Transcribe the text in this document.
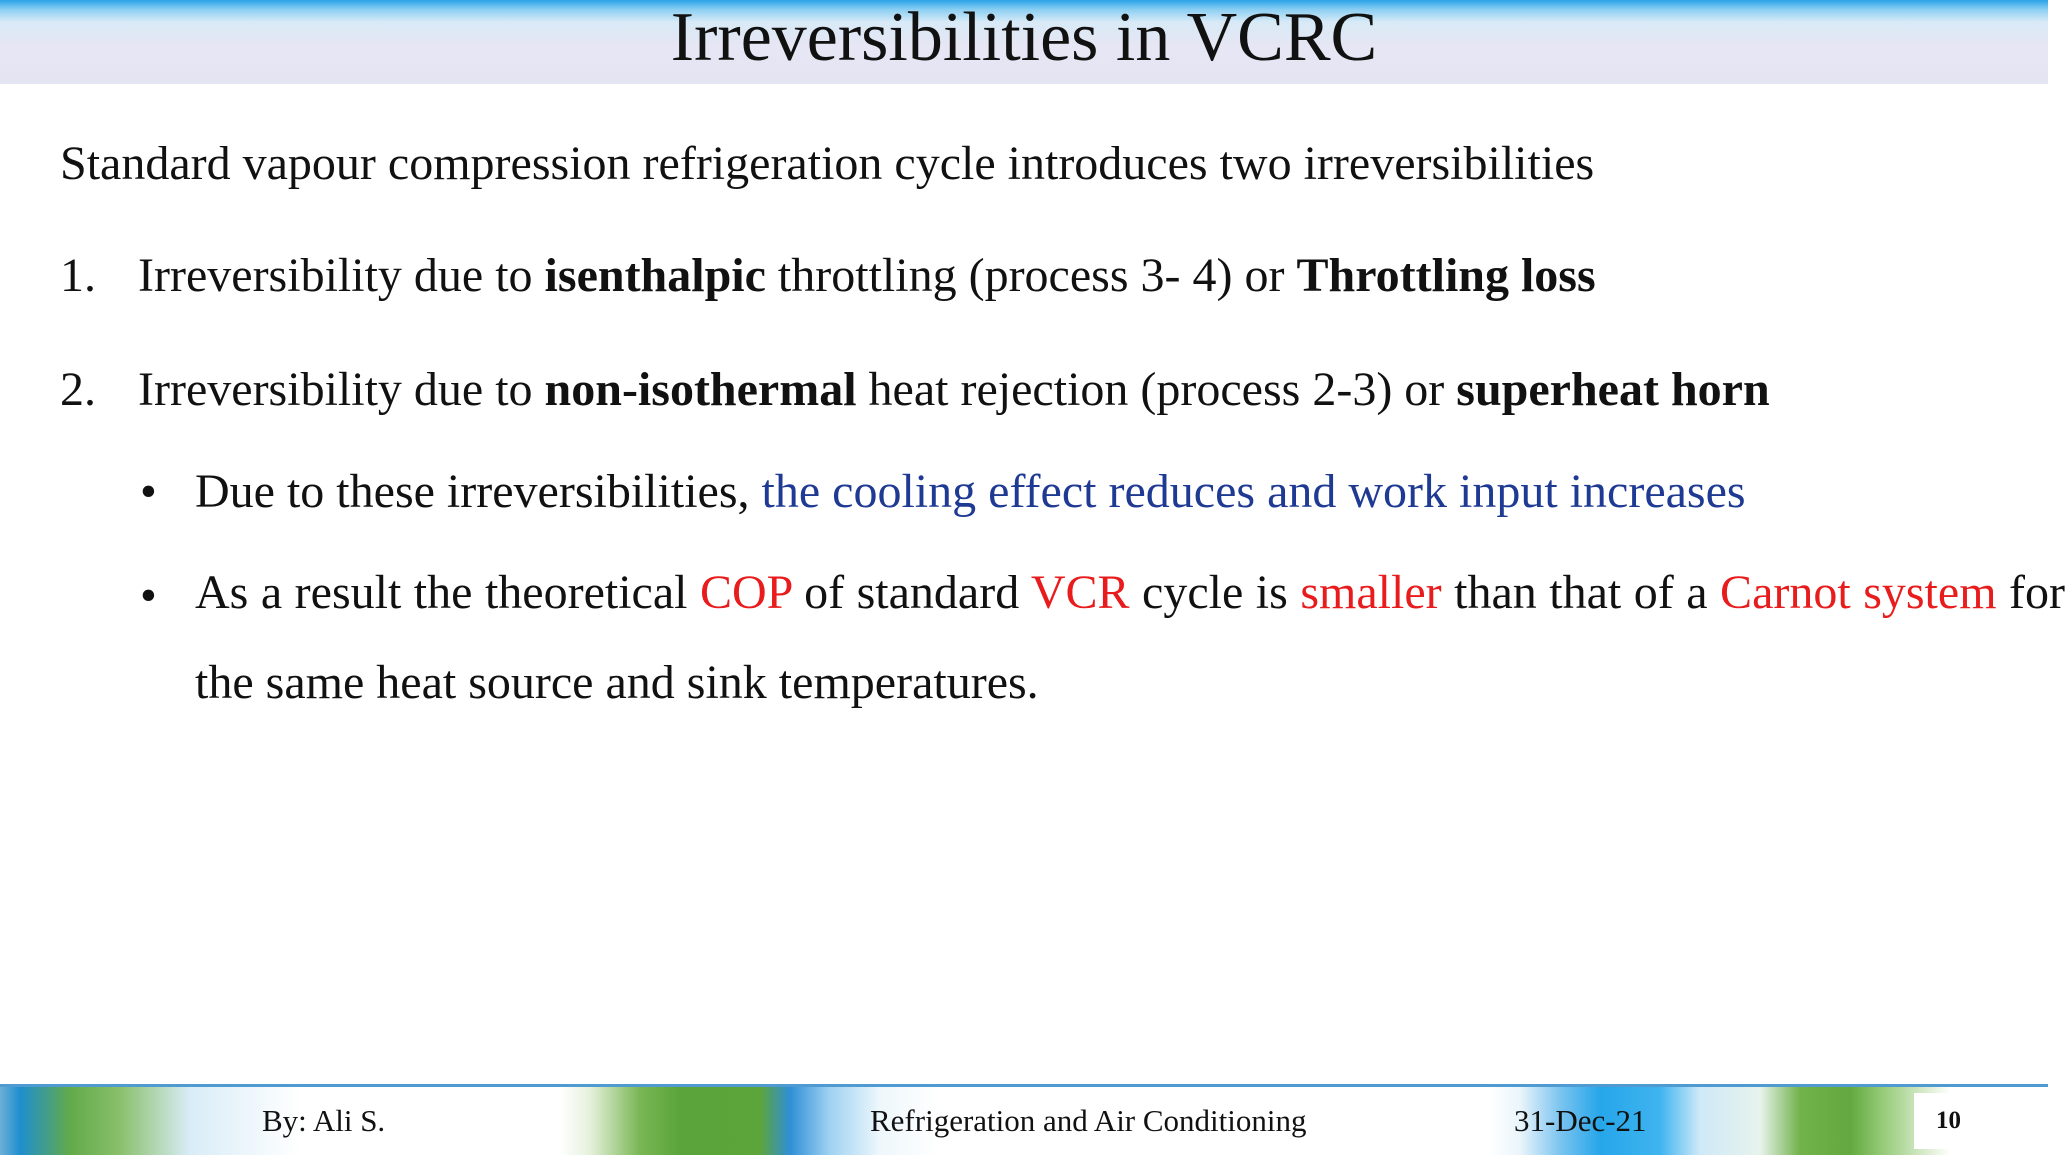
Irreversibilities in VCRC
Standard vapour compression refrigeration cycle introduces two irreversibilities
1. Irreversibility due to isenthalpic throttling (process 3- 4) or Throttling loss
2. Irreversibility due to non-isothermal heat rejection (process 2-3) or superheat horn
• Due to these irreversibilities, the cooling effect reduces and work input increases
• As a result the theoretical COP of standard VCR cycle is smaller than that of a Carnot system for the same heat source and sink temperatures.
By: Ali S.	Refrigeration and Air Conditioning	31-Dec-21	10
